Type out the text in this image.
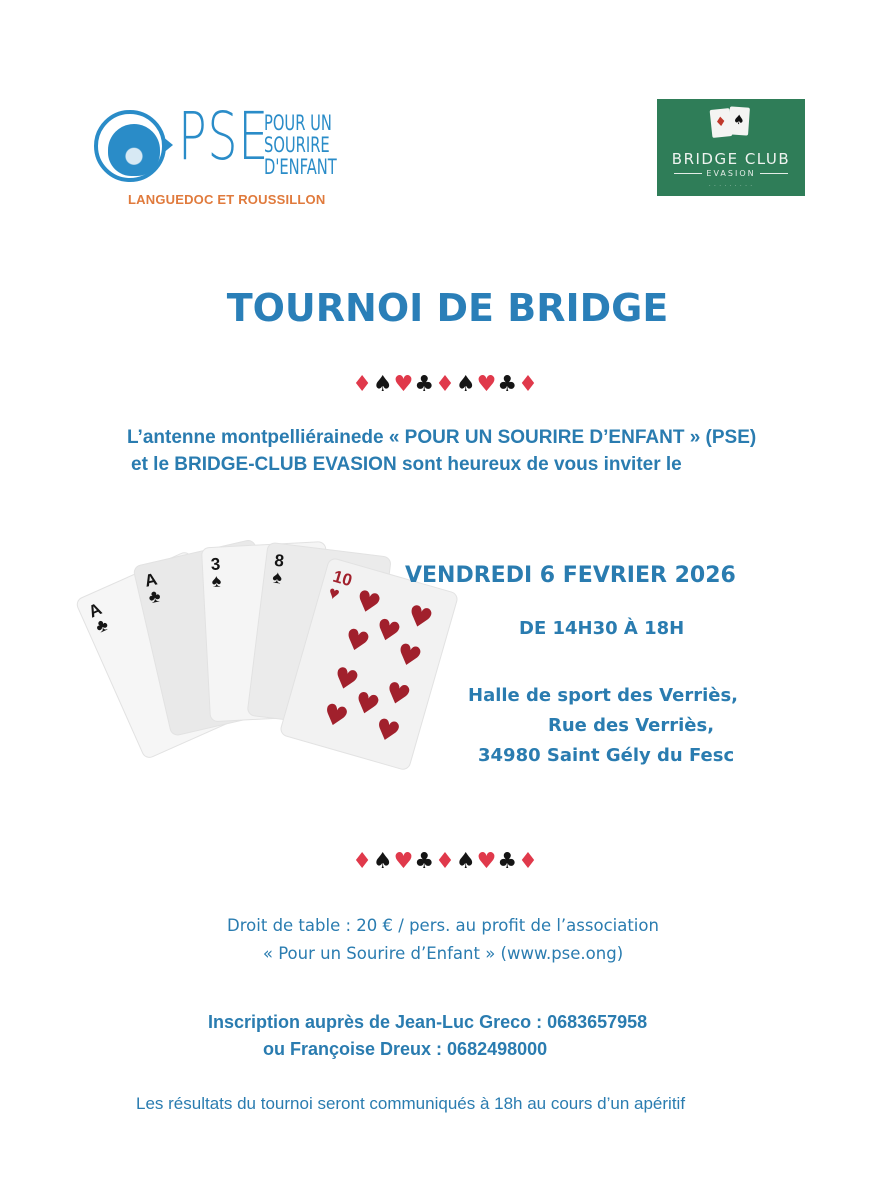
PSE
POUR UN
SOURIRE
D'ENFANT
LANGUEDOC ET ROUSSILLON
♦ ♠
BRIDGE CLUB
EVASION
· · · · · · · · ·
TOURNOI DE BRIDGE
♦♠♥♣♦♠♥♣♦
L’antenne montpelliérainede « POUR UN SOURIRE D’ENFANT » (PSE)
et le BRIDGE-CLUB EVASION sont heureux de vous inviter le
A
♣
A
♣
3
♠
8
♠	10
♥ ♥ ♥
♥
♥ ♥
♥ ♥
♥
♥ ♥
VENDREDI 6 FEVRIER 2026
DE 14H30 À 18H
Halle de sport des Verriès,
Rue des Verriès,
34980 Saint Gély du Fesc
♦♠♥♣♦♠♥♣♦
Droit de table : 20 € / pers. au profit de l’association
« Pour un Sourire d’Enfant » (www.pse.ong)
Inscription auprès de Jean-Luc Greco : 0683657958
ou Françoise Dreux : 0682498000
Les résultats du tournoi seront communiqués à 18h au cours d’un apéritif
